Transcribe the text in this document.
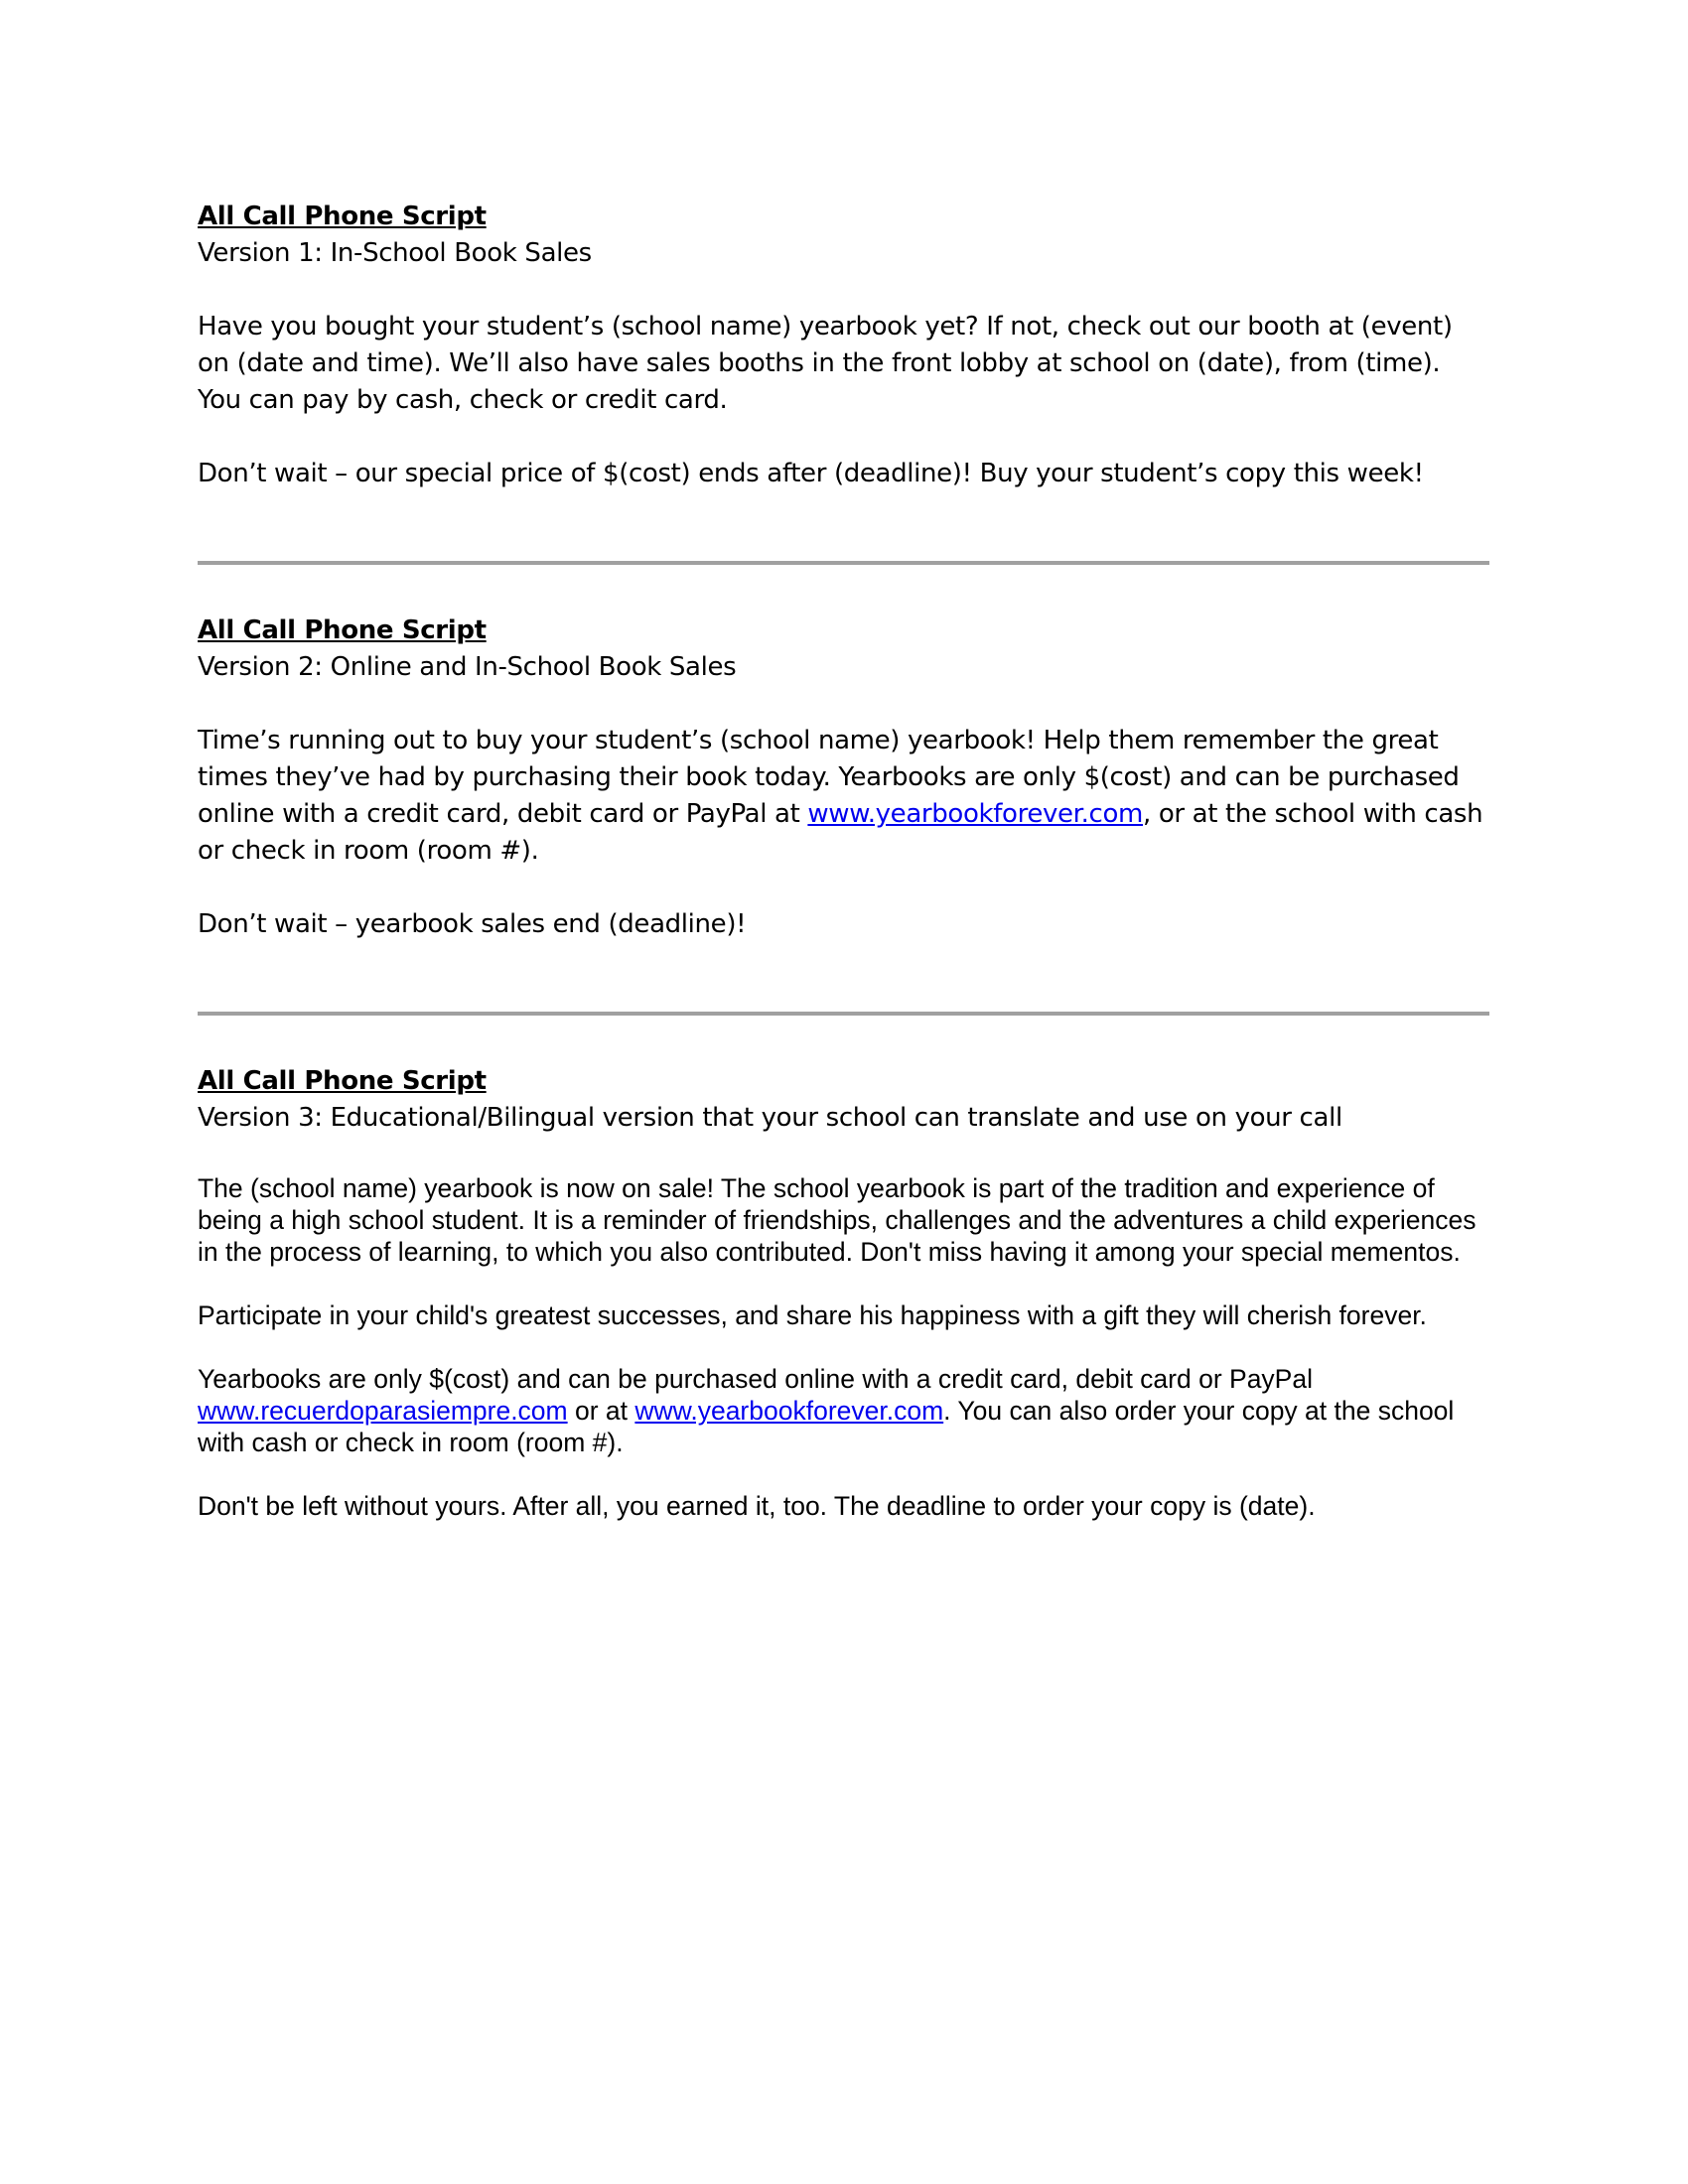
All Call Phone Script
Version 1: In-School Book Sales

Have you bought your student’s (school name) yearbook yet? If not, check out our booth at (event) on (date and time). We’ll also have sales booths in the front lobby at school on (date), from (time). You can pay by cash, check or credit card.

Don’t wait – our special price of $(cost) ends after (deadline)! Buy your student’s copy this week!

All Call Phone Script
Version 2: Online and In-School Book Sales

Time’s running out to buy your student’s (school name) yearbook! Help them remember the great times they’ve had by purchasing their book today. Yearbooks are only $(cost) and can be purchased online with a credit card, debit card or PayPal at www.yearbookforever.com, or at the school with cash or check in room (room #).

Don’t wait – yearbook sales end (deadline)!

All Call Phone Script
Version 3: Educational/Bilingual version that your school can translate and use on your call

The (school name) yearbook is now on sale! The school yearbook is part of the tradition and experience of being a high school student. It is a reminder of friendships, challenges and the adventures a child experiences in the process of learning, to which you also contributed. Don't miss having it among your special mementos.

Participate in your child's greatest successes, and share his happiness with a gift they will cherish forever.

Yearbooks are only $(cost) and can be purchased online with a credit card, debit card or PayPal www.recuerdoparasiempre.com or at www.yearbookforever.com. You can also order your copy at the school with cash or check in room (room #).

Don't be left without yours. After all, you earned it, too. The deadline to order your copy is (date).
